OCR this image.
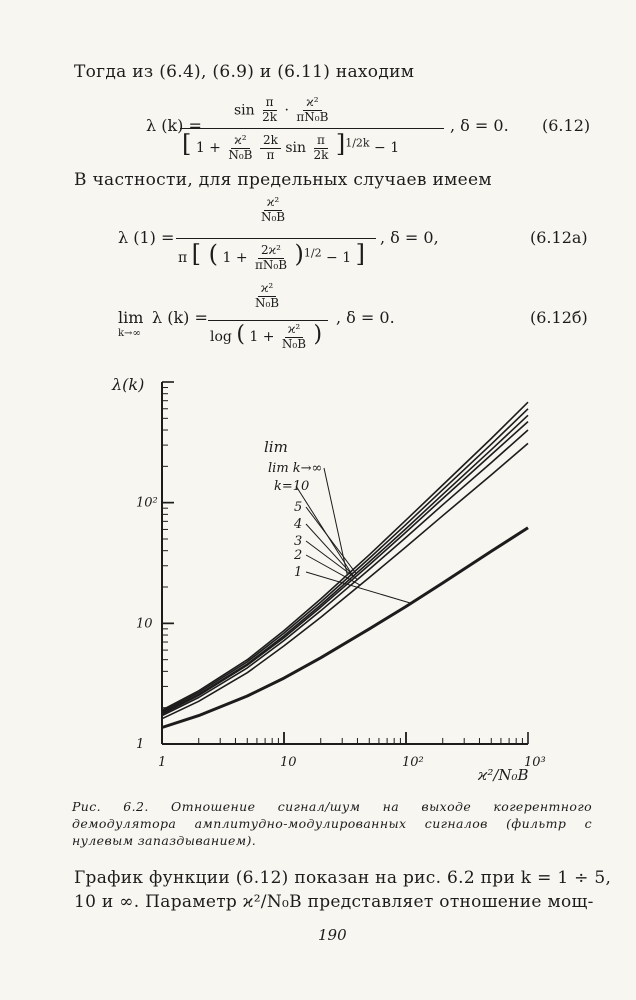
Тогда из (6.4), (6.9) и (6.11) находим
λ (k) =
$\sin \frac{\pi}{2k} \cdot \frac{\text{ϰ²}}{\text{πN₀B}}$
[ $1 + \frac{\text{ϰ²}}{\text{N₀B}}$
$\frac{2k}{\pi}$ $\sin \frac{\pi}{2k} ]^{1/2k} - 1$
, δ = 0. (6.12)
В частности, для предельных случаев имеем
λ (1) =
$\frac{\text{ϰ²}}{\text{N₀B}}$
π [ ( $1 + \frac{\text{2ϰ²}}{\text{πN₀B}} )^{1/2} - 1$ ]
, δ = 0,	(6.12а)
lim
k→∞
λ (k) =
$\frac{\text{ϰ²}}{\text{N₀B}}$
log ( $1 + \frac{\text{ϰ²}}{\text{N₀B}}$ )
, δ = 0.	(6.12б)
1	10	10²	10³
1
10
10²
λ(k)
ϰ²/N₀B
lim
lim k→∞
k=10
5
4
3
2
1
Рис. 6.2. Отношение сигнал/шум на выходе когерентного демодулятора амплитудно-модулированных сигналов (фильтр с нулевым запаздыванием).
График функции (6.12) показан на рис. 6.2 при k = 1 ÷ 5,
10 и ∞. Параметр ϰ²/N₀B представляет отношение мощ-
190
